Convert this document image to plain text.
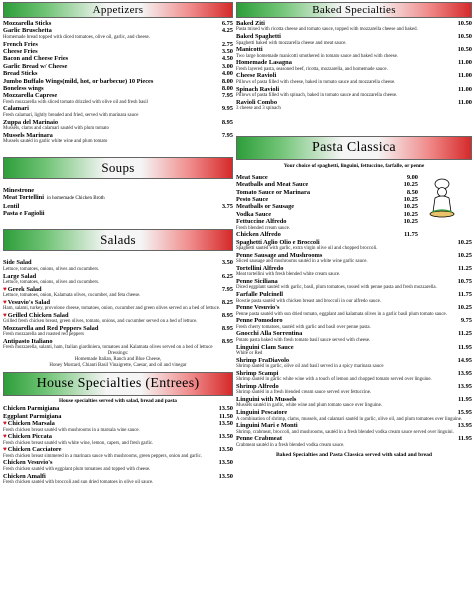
Appetizers
Mozzarella Sticks	6.75
Garlic Bruschetta	4.25
Homemade bread topped with diced tomatoes, olive oil, garlic, and cheese.
French Fries	2.75
Cheese Fries	3.50
Bacon and Cheese Fries	4.50
Garlic Bread w/ Cheese	3.00
Bread Sticks	4.00
Jumbo Buffalo Wings(mild, hot, or barbecue) 10 Pieces	8.00
Boneless wings	8.00
Mozzarella Caprese	7.95
Fresh mozzarella with sliced tomato drizzled with olive oil and fresh basil
Calamari	9.95
Fresh calamari, lightly breaded and fried, served with marinara sauce
Zuppa del Marinaio	8.95
Mussels, clams and calamari sautéd with plum tomato
Mussels Marinara	7.95
Mussels sautéd in garlic white wine and plum tomato
Soups
Minestrone
Meat Tortellini in homemade Chicken Broth
Lentil	3.75
Pasta e Fagiolii
Salads
Side Salad	3.50
Lettuce, tomatoes, onions, olives and cucumbers.
Large Salad	6.25
Lettuce, tomatoes, onions, olives and cucumbers.
♥Greek Salad	7.95
Lettuce, tomatoes, onion, Kalamata olives, cucumber, and feta cheese.
♥Vesuvio's Salad	8.25
Ham, salami, turkey, provolone cheese, tomatoes, onion, cucumber and green olives served on a bed of lettuce.
♥Grilled Chicken Salad	8.95
Grilled fresh chicken breast, green olives, tomato, onions, and cucumber served on a bed of lettuce.
Mozzarella and Red Peppers Salad	8.95
Fresh mozzarella and roasted red peppers
Antipasto Italiano	8.95
Fresh mozzarella, salami, ham, Italian giardiniera, tomatoes and Kalamata olives served on a bed of lettuce
Dressings:
Homemade Italian, Ranch and Blue Cheese,
Honey Mustard, Chianti Basil Vinaigrette, Caesar, and oil and vinegar
House Specialties (Entrees)
House specialties served with salad, bread and pasta
Chicken Parmigiana	13.50
Eggplant Parmigiana	11.50
♥Chicken Marsala	13.50
Fresh chicken breast sautéd with mushrooms in a marsala wine sauce.
♥Chicken Piccata	13.50
Fresh chicken breast sautéd with white wine, lemon, capers, and fresh garlic.
♥Chicken Cacciatore	13.50
Fresh chicken breast simmered in a marinara sauce with mushrooms, green peppers, onion and garlic.
Chicken Vesuvio's	13.50
Fresh chicken sautéd with eggplant plum tomatoes and topped with cheese.
Chicken Amalfi	13.50
Fresh chicken sautéd with broccoli and sun dried tomatoes in olive oil sauce.
Baked Specialties
Baked Ziti	10.50
Pasta mixed with ricotta cheese and tomato sauce, topped with mozzarella cheese and baked.
Baked Spaghetti	10.50
Spaghetti baked with mozzarella cheese and meat sauce.
Manicotti	10.50
Two large homemade manicotti smothered in tomato sauce and baked with cheese.
Homemade Lasagna	11.00
Fresh layered pasta, seasoned beef, ricotta, mozzarella, and homemade sauce.
Cheese Ravioli	11.00
Pillows of pasta filled with cheese, baked in tomato sauce and mozzarella cheese.
Spinach Ravioli	11.00
Pillows of pasta filled with spinach, baked in tomato sauce and mozzarella cheese.
Ravioli Combo	11.00
3 cheese and 3 spinach
Pasta Classica
Your choice of spaghetti, linguini, fettuccine, farfalle, or penne
Meat Sauce	9.00
Meatballs and Meat Sauce	10.25
Tomato Sauce or Marinara	8.50
Pesto Sauce	10.25
Meatballs or Sausage	10.25
Vodka Sauce	10.25
Fettuccine Alfredo	10.25
Fresh blended cream sauce.
Chicken Alfredo	11.75
Spaghetti Aglio Olio e Broccoli	10.25
Spaghetti sautéd with garlic, extra virgin olive oil and chopped broccoli.
Penne Sausage and Mushrooms	10.25
Sliced sausage and mushrooms sautéd in a white wine garlic sauce.
Tortellini Alfredo	11.25
Meat tortellini with fresh blended white cream sauce.
Penne Siciliana	10.75
Diced eggplant sautéd with garlic, basil, plum tomatoes, tossed with penne pasta and fresh mozzarella.
Farfalle Pulcinell	11.75
Bowtie pasta sautéd with chicken breast and broccoli in our alfredo sauce.
Penne Vesuvio's	10.25
Penne pasta sautéd with sun dried tomato, eggplant and kalamata olives in a garlic basil plum tomato sauce.
Penne Pomodoro	9.75
Fresh cherry tomatoes, sautéd with garlic and basil over penne pasta.
Gnocchi Alla Sorrentina	11.25
Potato pasta baked with fresh tomato basil sauce served with cheese.
Linguini Clam Sauce	11.95
White or Red
Shrimp FraDiavolo	14.95
Shrimp sautéd in garlic, olive oil and basil served in a spicy marinara sauce
Shrimp Scampi	13.95
Shrimp sautéd in garlic white wine with a touch of lemon and chopped tomato served over linguine.
Shrimp Alfredo	13.95
Shrimp sautéd in a fresh blended cream sauce served over fettuccine.
Linguini with Mussels	11.95
Mussels sautéd in garlic, white wine and plum tomato sauce over linguine.
Linguini Pescatore	15.95
A combination of shrimp, clams, mussels, and calamari sautéd in garlic, olive oil, and plum tomatoes over linguine.
Linguini Mari e Monti	13.95
Shrimp, crabmeat, broccoli, and mushrooms, sautéd in a fresh blended vodka cream sauce served over linguini.
Penne Crabmeat	11.95
Crabmeat sautéd in a fresh blended vodka cream sauce.
Baked Specialties and Pasta Classica served with salad and bread
